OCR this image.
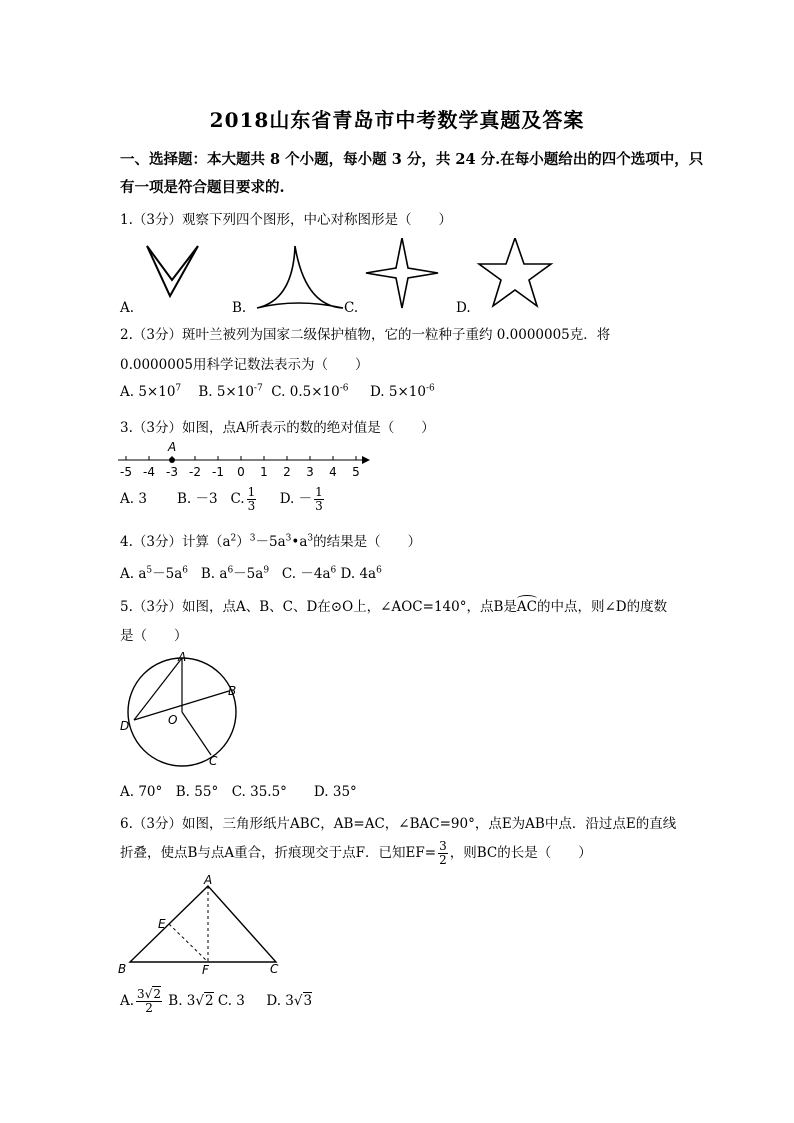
2018山东省青岛市中考数学真题及答案
一、选择题：本大题共 8 个小题，每小题 3 分，共 24 分.在每小题给出的四个选项中，只
有一项是符合题目要求的.
1.（3分）观察下列四个图形，中心对称图形是（　　）
A.	B.	C.	D.
2.（3分）斑叶兰被列为国家二级保护植物，它的一粒种子重约 0.0000005克．将
0.0000005用科学记数法表示为（　　）
A. $5\times 10^7$ B. $5\times 10^{-7}$ C. $0.5\times 10^{-6}$ D. $5\times 10^{-6}$
3.（3分）如图，点A所表示的数的绝对值是（　　）
-5 -4 -3 -2 -1 0 1 2 3 4 5
A
A. 3 B. －3 C. $\frac{1}{3} D$. － $\frac{1}{3}$
4.（3分）计算$(a^2)^3-5a^3•a^3$的结果是（　　）
A. $a^5-5a^6$ B. $a^6-5a^9$ C. $-4a^6$ D. $4a^6$
5.（3分）如图，点A、B、C、D在⊙O上，∠AOC=140°，点B是AC的中点，则∠D的度数
是（　　）
A
B
C
D	O
A. 70°　B. 55°　C. 35.5°　　D. 35°
6.（3分）如图，三角形纸片ABC，AB=AC，∠BAC=90°，点E为AB中点．沿过点E的直线
折叠，使点B与点A重合，折痕现交于点F．已知$EF= \frac{3}{2}$ ，则BC的长是（　　）
A
E
B	F	C
A. $\frac{3√2}{2} B$. 3√2 C. 3 D. 3√3
